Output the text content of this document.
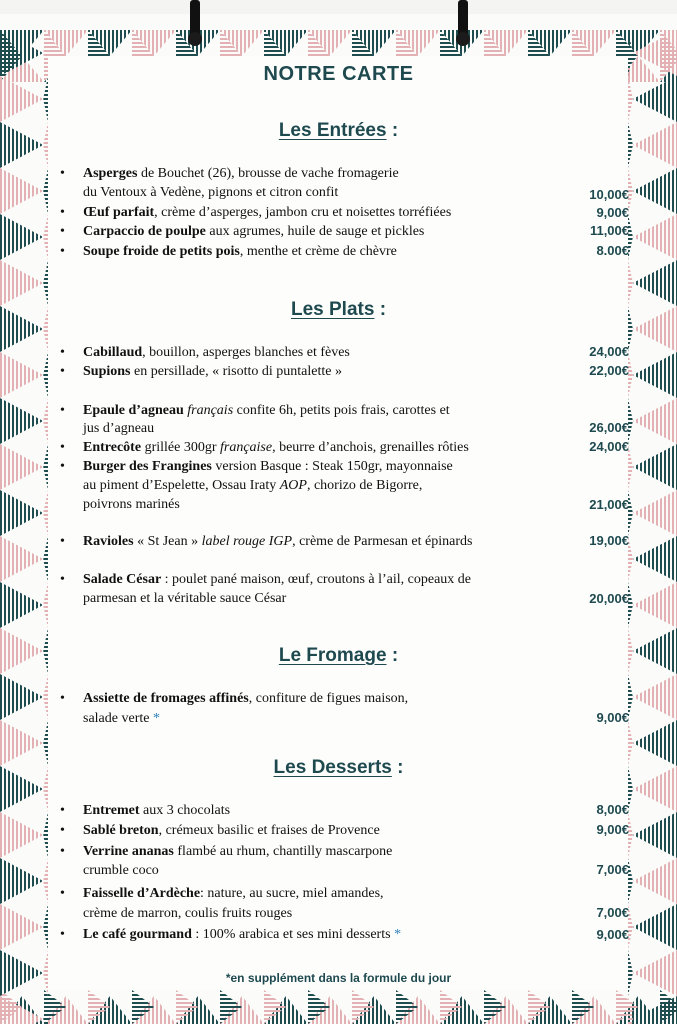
NOTRE CARTE
Les Entrées :
•	Asperges de Bouchet (26), brousse de vache fromagerie
du Ventoux à Vedène, pignons et citron confit	10,00€
•	Œuf parfait, crème d’asperges, jambon cru et noisettes torréfiées	9,00€
•	Carpaccio de poulpe aux agrumes, huile de sauge et pickles	11,00€
•	Soupe froide de petits pois, menthe et crème de chèvre	8.00€
Les Plats :
•	Cabillaud, bouillon, asperges blanches et fèves	24,00€
•	Supions en persillade, « risotto di puntalette »	22,00€
•	Epaule d’agneau français confite 6h, petits pois frais, carottes et
jus d’agneau	26,00€
•	Entrecôte grillée 300gr française, beurre d’anchois, grenailles rôties	24,00€
•	Burger des Frangines version Basque : Steak 150gr, mayonnaise
au piment d’Espelette, Ossau Iraty AOP, chorizo de Bigorre,
poivrons marinés	21,00€
•	Ravioles « St Jean » label rouge IGP, crème de Parmesan et épinards	19,00€
•	Salade César : poulet pané maison, œuf, croutons à l’ail, copeaux de
parmesan et la véritable sauce César	20,00€
Le Fromage :
•	Assiette de fromages affinés, confiture de figues maison,
salade verte *	9,00€
Les Desserts :
•	Entremet aux 3 chocolats	8,00€
•	Sablé breton, crémeux basilic et fraises de Provence	9,00€
•	Verrine ananas flambé au rhum, chantilly mascarpone
crumble coco	7,00€
•	Faisselle d’Ardèche: nature, au sucre, miel amandes,
crème de marron, coulis fruits rouges	7,00€
•	Le café gourmand : 100% arabica et ses mini desserts *	9,00€
*en supplément dans la formule du jour
